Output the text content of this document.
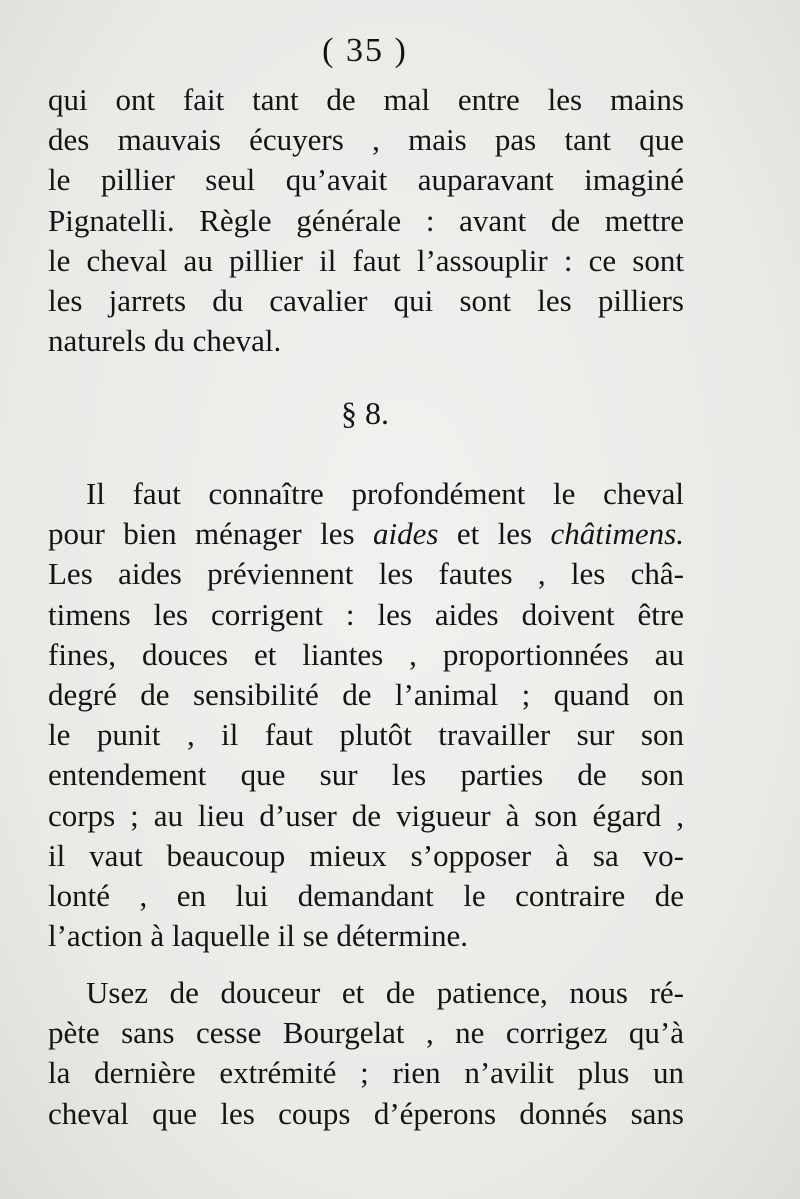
( 35 )
qui ont fait tant de mal entre les mains
des mauvais écuyers , mais pas tant que
le pillier seul qu’avait auparavant imaginé
Pignatelli. Règle générale : avant de mettre
le cheval au pillier il faut l’assouplir : ce sont
les jarrets du cavalier qui sont les pilliers
naturels du cheval.
§ 8.
Il faut connaître profondément le cheval
pour bien ménager les aides et les châtimens.
Les aides préviennent les fautes , les châ-
timens les corrigent : les aides doivent être
fines, douces et liantes , proportionnées au
degré de sensibilité de l’animal ; quand on
le punit , il faut plutôt travailler sur son
entendement que sur les parties de son
corps ; au lieu d’user de vigueur à son égard ,
il vaut beaucoup mieux s’opposer à sa vo-
lonté , en lui demandant le contraire de
l’action à laquelle il se détermine.
Usez de douceur et de patience, nous ré-
pète sans cesse Bourgelat , ne corrigez qu’à
la dernière extrémité ; rien n’avilit plus un
cheval que les coups d’éperons donnés sans
